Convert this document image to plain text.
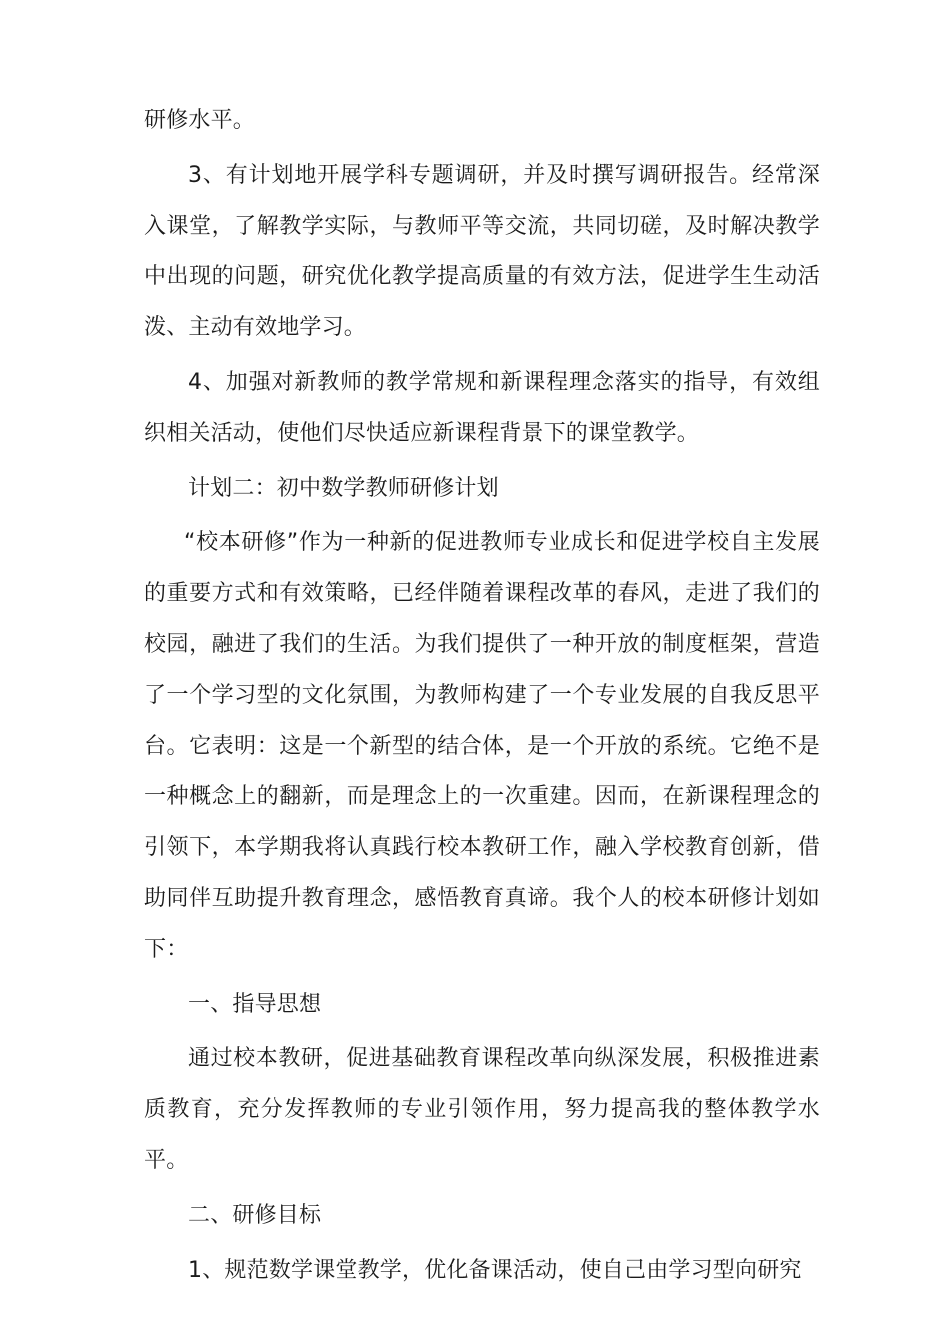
研修水平。

3、有计划地开展学科专题调研，并及时撰写调研报告。经常深入课堂，了解教学实际，与教师平等交流，共同切磋，及时解决教学中出现的问题，研究优化教学提高质量的有效方法，促进学生生动活泼、主动有效地学习。

4、加强对新教师的教学常规和新课程理念落实的指导，有效组织相关活动，使他们尽快适应新课程背景下的课堂教学。

计划二：初中数学教师研修计划

“校本研修”作为一种新的促进教师专业成长和促进学校自主发展的重要方式和有效策略，已经伴随着课程改革的春风，走进了我们的校园，融进了我们的生活。为我们提供了一种开放的制度框架，营造了一个学习型的文化氛围，为教师构建了一个专业发展的自我反思平台。它表明：这是一个新型的结合体，是一个开放的系统。它绝不是一种概念上的翻新，而是理念上的一次重建。因而，在新课程理念的引领下，本学期我将认真践行校本教研工作，融入学校教育创新，借助同伴互助提升教育理念，感悟教育真谛。我个人的校本研修计划如下：

一、指导思想

通过校本教研，促进基础教育课程改革向纵深发展，积极推进素质教育，充分发挥教师的专业引领作用，努力提高我的整体教学水平。

二、研修目标

1、规范数学课堂教学，优化备课活动，使自己由学习型向研究
